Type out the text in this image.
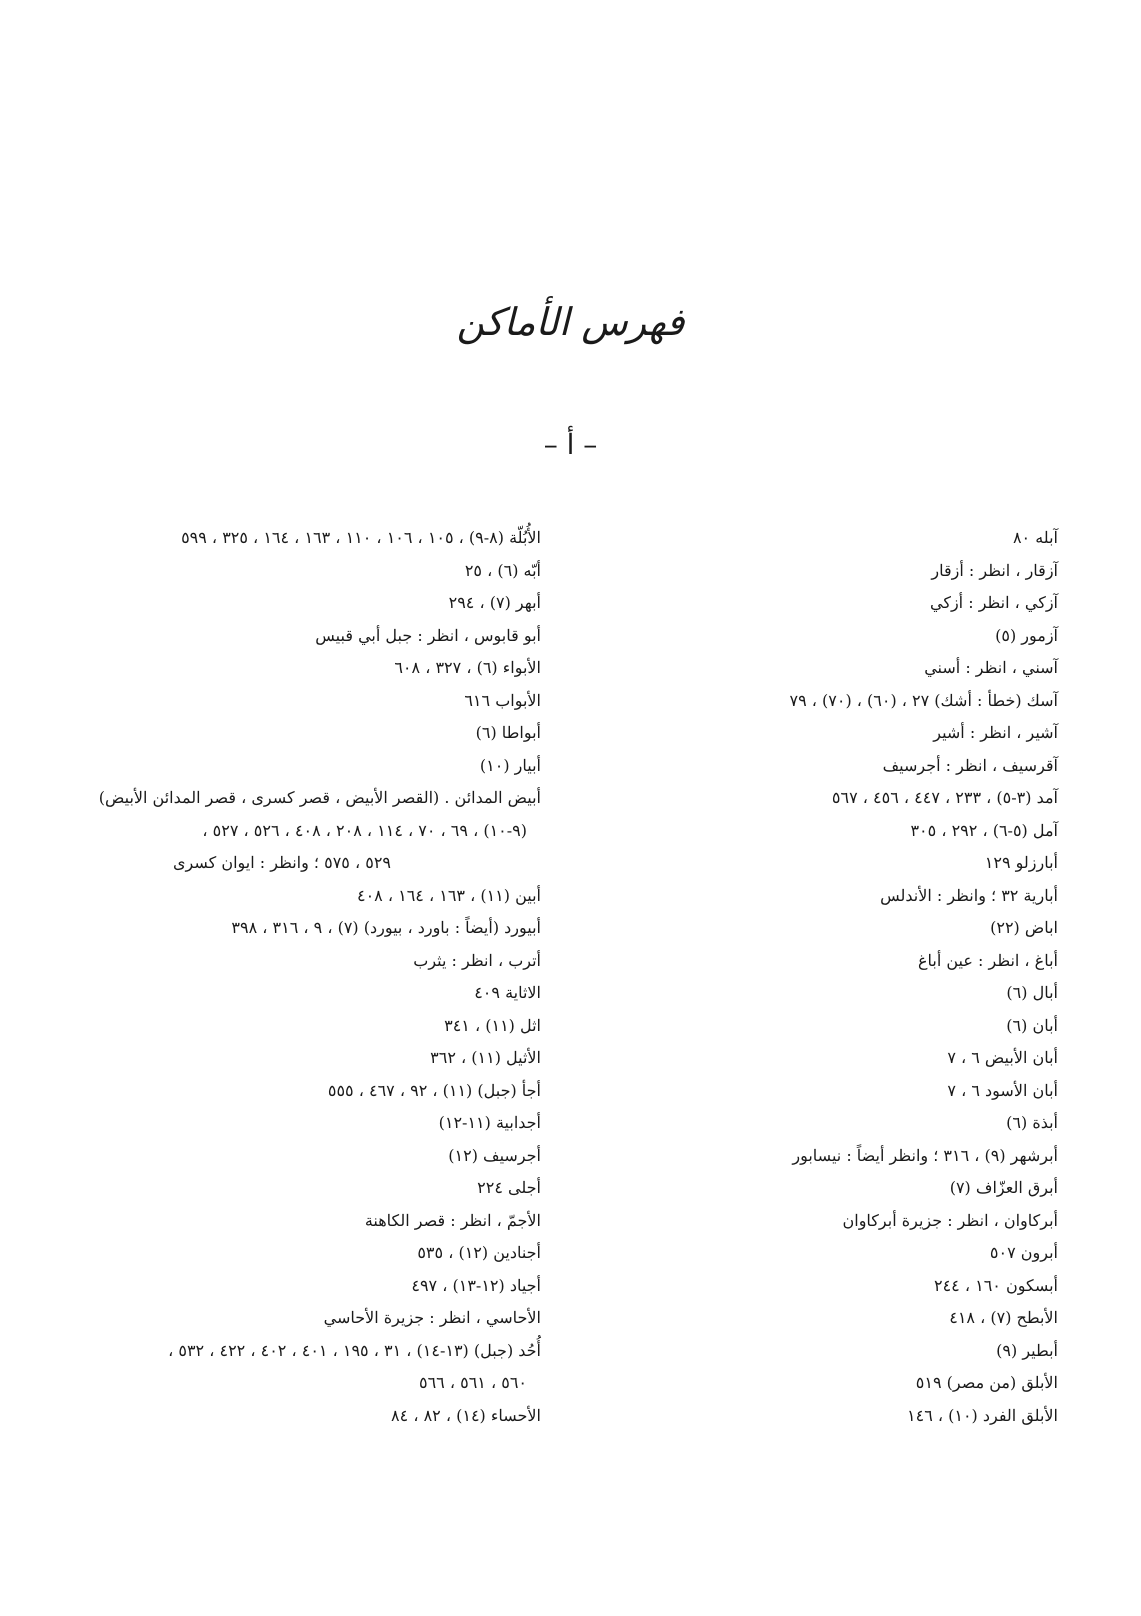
فهرس الأماكن
– أ –
آبله ٨٠
آزقار ، انظر : أزقار
آزكي ، انظر : أزكي
آزمور (٥)
آسني ، انظر : أسني
آسك (خطأ : أشك) ٢٧ ، (٦٠) ، (٧٠) ، ٧٩
آشير ، انظر : أشير
آقرسيف ، انظر : أجرسيف
آمد (٣-٥) ، ٢٣٣ ، ٤٤٧ ، ٤٥٦ ، ٥٦٧
آمل (٥-٦) ، ٢٩٢ ، ٣٠٥
أبارزلو ١٢٩
أبارية ٣٢ ؛ وانظر : الأندلس
اباض (٢٢)
أباغ ، انظر : عين أباغ
أبال (٦)
أبان (٦)
أبان الأبيض ٦ ، ٧
أبان الأسود ٦ ، ٧
أبذة (٦)
أبرشهر (٩) ، ٣١٦ ؛ وانظر أيضاً : نيسابور
أبرق العزّاف (٧)
أبركاوان ، انظر : جزيرة أبركاوان
أبرون ٥٠٧
أبسكون ١٦٠ ، ٢٤٤
الأبطح (٧) ، ٤١٨
أبطير (٩)
الأبلق (من مصر) ٥١٩
الأبلق الفرد (١٠) ، ١٤٦
الأُبُلّة (٨-٩) ، ١٠٥ ، ١٠٦ ، ١١٠ ، ١٦٣ ، ١٦٤ ، ٣٢٥ ، ٥٩٩
أبّه (٦) ، ٢٥
أبهر (٧) ، ٢٩٤
أبو قابوس ، انظر : جبل أبي قبيس
الأبواء (٦) ، ٣٢٧ ، ٦٠٨
الأبواب ٦١٦
أبواطا (٦)
أبيار (١٠)
أبيض المدائن . (القصر الأبيض ، قصر كسرى ، قصر المدائن الأبيض)
(٩-١٠) ، ٦٩ ، ٧٠ ، ١١٤ ، ٢٠٨ ، ٤٠٨ ، ٥٢٦ ، ٥٢٧ ،
٥٢٩ ، ٥٧٥ ؛ وانظر : ايوان كسرى
أبين (١١) ، ١٦٣ ، ١٦٤ ، ٤٠٨
أبيورد (أيضاً : باورد ، بيورد) (٧) ، ٩ ، ٣١٦ ، ٣٩٨
أترب ، انظر : يثرب
الاثاية ٤٠٩
اثل (١١) ، ٣٤١
الأثيل (١١) ، ٣٦٢
أجأ (جبل) (١١) ، ٩٢ ، ٤٦٧ ، ٥٥٥
أجدابية (١١-١٢)
أجرسيف (١٢)
أجلى ٢٢٤
الأجمّ ، انظر : قصر الكاهنة
أجنادين (١٢) ، ٥٣٥
أجياد (١٢-١٣) ، ٤٩٧
الأحاسي ، انظر : جزيرة الأحاسي
أُحُد (جبل) (١٣-١٤) ، ٣١ ، ١٩٥ ، ٤٠١ ، ٤٠٢ ، ٤٢٢ ، ٥٣٢ ،
٥٦٠ ، ٥٦١ ، ٥٦٦
الأحساء (١٤) ، ٨٢ ، ٨٤
